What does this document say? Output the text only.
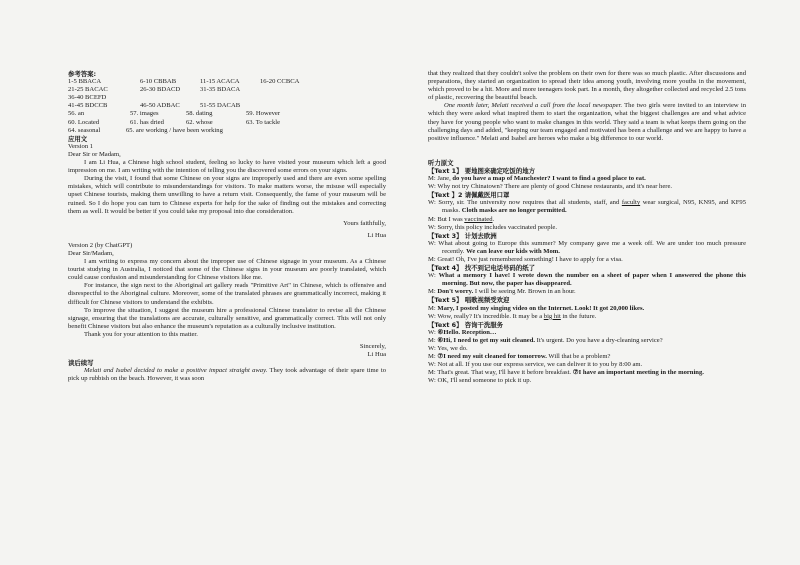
参考答案:
1-5 BBACA	6-10 CBBAB	11-15 ACACA	16-20 CCBCA
21-25 BACAC	26-30 BDACD	31-35 BDACA
36-40 BCEFD
41-45 BDCCB	46-50 ADBAC	51-55 DACAB
56. an	57. images	58. dating	59. However
60. Located	61. has dried	62. whose	63. To tackle
64. seasonal	65. are working / have been working
应用文
Version 1
Dear Sir or Madam,

I am Li Hua, a Chinese high school student, feeling so lucky to have visited your museum which left a good impression on me. I am writing with the intention of telling you the discovered some errors on your signs.

During the visit, I found that some Chinese on your signs are improperly used and there are even some spelling mistakes, which will contribute to misunderstandings for visitors. To make matters worse, the misuse will especially upset Chinese tourists, making them unwilling to have a return visit. Consequently, the fame of your museum will be ruined. So I do hope you can turn to Chinese experts for help for the sake of finding out the mistakes and correcting them as well. It would be better if you could take my proposal into due consideration.

Yours faithfully,
Li Hua
Version 2 (by ChatGPT)
Dear Sir/Madam,

I am writing to express my concern about the improper use of Chinese signage in your museum. As a Chinese tourist studying in Australia, I noticed that some of the Chinese signs in your museum are poorly translated, which could cause confusion and misunderstanding for Chinese visitors like me.

For instance, the sign next to the Aboriginal art gallery reads "Primitive Art" in Chinese, which is offensive and disrespectful to the Aboriginal culture. Moreover, some of the translated phrases are grammatically incorrect, making it difficult for Chinese visitors to understand the exhibits.

To improve the situation, I suggest the museum hire a professional Chinese translator to revise all the Chinese signage, ensuring that the translations are accurate, culturally sensitive, and grammatically correct. This will not only benefit Chinese visitors but also enhance the museum's reputation as a culturally inclusive institution.

Thank you for your attention to this matter.

Sincerely,
Li Hua
读后续写

Melati and Isabel decided to make a positive impact straight away. They took advantage of their spare time to pick up rubbish on the beach. However, it was soon

that they realized that they couldn't solve the problem on their own for there was so much plastic. After discussions and preparations, they started an organization to spread their idea among youth, involving more youths in the movement, which proved to be a hit. More and more teenagers took part. In a month, they altogether collected and recycled 2.5 tons of plastic, recovering the beautiful beach.

One month later, Melati received a call from the local newspaper. The two girls were invited to an interview in which they were asked what inspired them to start the organization, what the biggest challenges are and what advice they have for young people who want to make changes in this world. They said a team is what keeps them going on the challenging days and added, "keeping our team engaged and motivated has been a challenge and we are happy to have a positive influence." Melati and Isabel are heroes who make a big difference to our world.

听力原文
【Text 1】 要地图来确定吃饭的地方

M: Jane, do you have a map of Manchester? I want to find a good place to eat.

W: Why not try Chinatown? There are plenty of good Chinese restaurants, and it's near here.

【Text 】2 请佩戴医用口罩

W: Sorry, sir. The university now requires that all students, staff, and faculty wear surgical, N95, KN95, and KF95 masks. Cloth masks are no longer permitted.

M: But I was vaccinated.

W: Sorry, this policy includes vaccinated people.

【Text 3】 计划去欧洲

W: What about going to Europe this summer? My company gave me a week off. We are under too much pressure recently. We can leave our kids with Mom.

M: Great! Oh, I've just remembered something! I have to apply for a visa.

【Text 4】 找不到记电话号码的纸了

W: What a memory I have! I wrote down the number on a sheet of paper when I answered the phone this morning. But now, the paper has disappeared.

M: Don't worry. I will be seeing Mr. Brown in an hour.

【Text 5】 唱歌视频受欢迎

M: Mary, I posted my singing video on the Internet. Look! It got 20,000 likes.

W: Wow, really? It's incredible. It may be a big hit in the future.

【Text 6】 咨询干洗服务

W: ⑥Hello. Reception…

M: ⑥Hi, I need to get my suit cleaned. It's urgent. Do you have a dry-cleaning service?

W: Yes, we do.

M: ⑦I need my suit cleaned for tomorrow. Will that be a problem?

W: Not at all. If you use our express service, we can deliver it to you by 8:00 am.

M: That's great. That way, I'll have it before breakfast. ⑦I have an important meeting in the morning.

W: OK, I'll send someone to pick it up.
